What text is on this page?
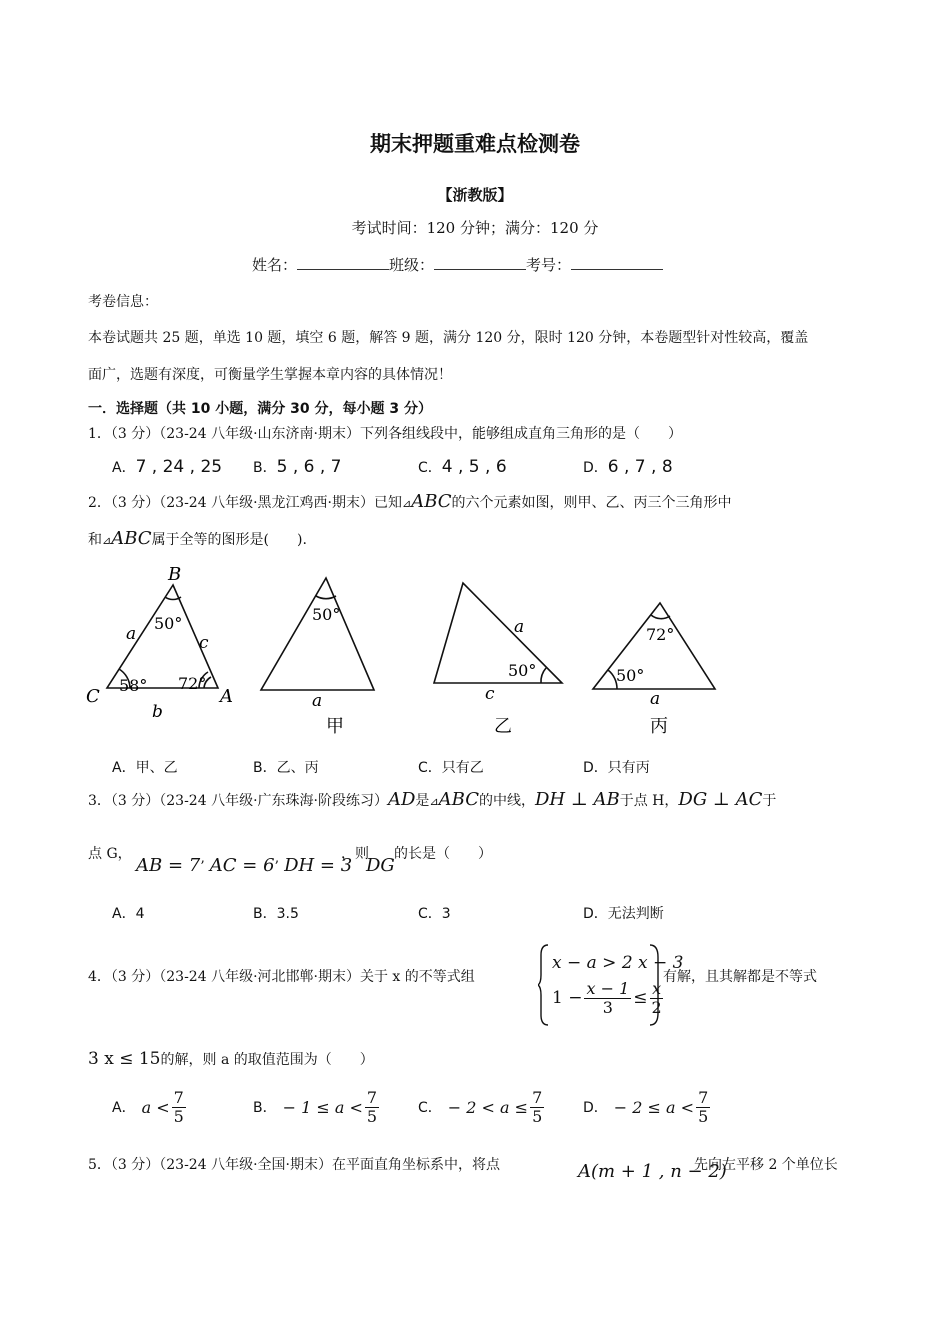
期末押题重难点检测卷
【浙教版】
考试时间：120 分钟；满分：120 分
姓名：	班级：	考号：
考卷信息：
本卷试题共 25 题，单选 10 题，填空 6 题，解答 9 题，满分 120 分，限时 120 分钟，本卷题型针对性较高，覆盖
面广，选题有深度，可衡量学生掌握本章内容的具体情况！
一．选择题（共 10 小题，满分 30 分，每小题 3 分）
1．（3 分）（23-24 八年级·山东济南·期末）下列各组线段中，能够组成直角三角形的是（　　）
A．7 , 24 , 25 B．5 , 6 , 7	C．4 , 5 , 6	D．6 , 7 , 8
2．（3 分）（23-24 八年级·黑龙江鸡西·期末）已知⊿ABC的六个元素如图，则甲、乙、丙三个三角形中
和⊿ABC属于全等的图形是(　　).
B
C	A
a	c
b
50°
58° 72°
50°
a
甲
a
50°
c
乙
72°
50°
a
丙
A．甲、乙	B．乙、丙	C．只有乙	D．只有丙
3．（3 分）（23-24 八年级·广东珠海·阶段练习）AD是⊿ABC的中线，DH ⊥ AB于点 H，DG ⊥ AC于
点 G，
AB = 7’ AC = 6’ DH = 3
，则
DG
的长是（　　）
A．4	B．3.5	C．3	D．无法判断
4．（3 分）（23-24 八年级·河北邯郸·期末）关于 x 的不等式组
x − a > 2 x − 3
$1 - \frac{x - 1}{3} \le \frac{x}{2}$
有解，且其解都是不等式
3 x ≤ 15的解，则 a 的取值范围为（　　）
A． $a < \frac{7}{5}$	B． − $1 \le a < \frac{7}{5}$	C． − $2 < a \le \frac{7}{5}$	D． − $2 \le a < \frac{7}{5}$
5．（3 分）（23-24 八年级·全国·期末）在平面直角坐标系中，将点	A(m + 1 , n − 2)
先向左平移 2 个单位长
